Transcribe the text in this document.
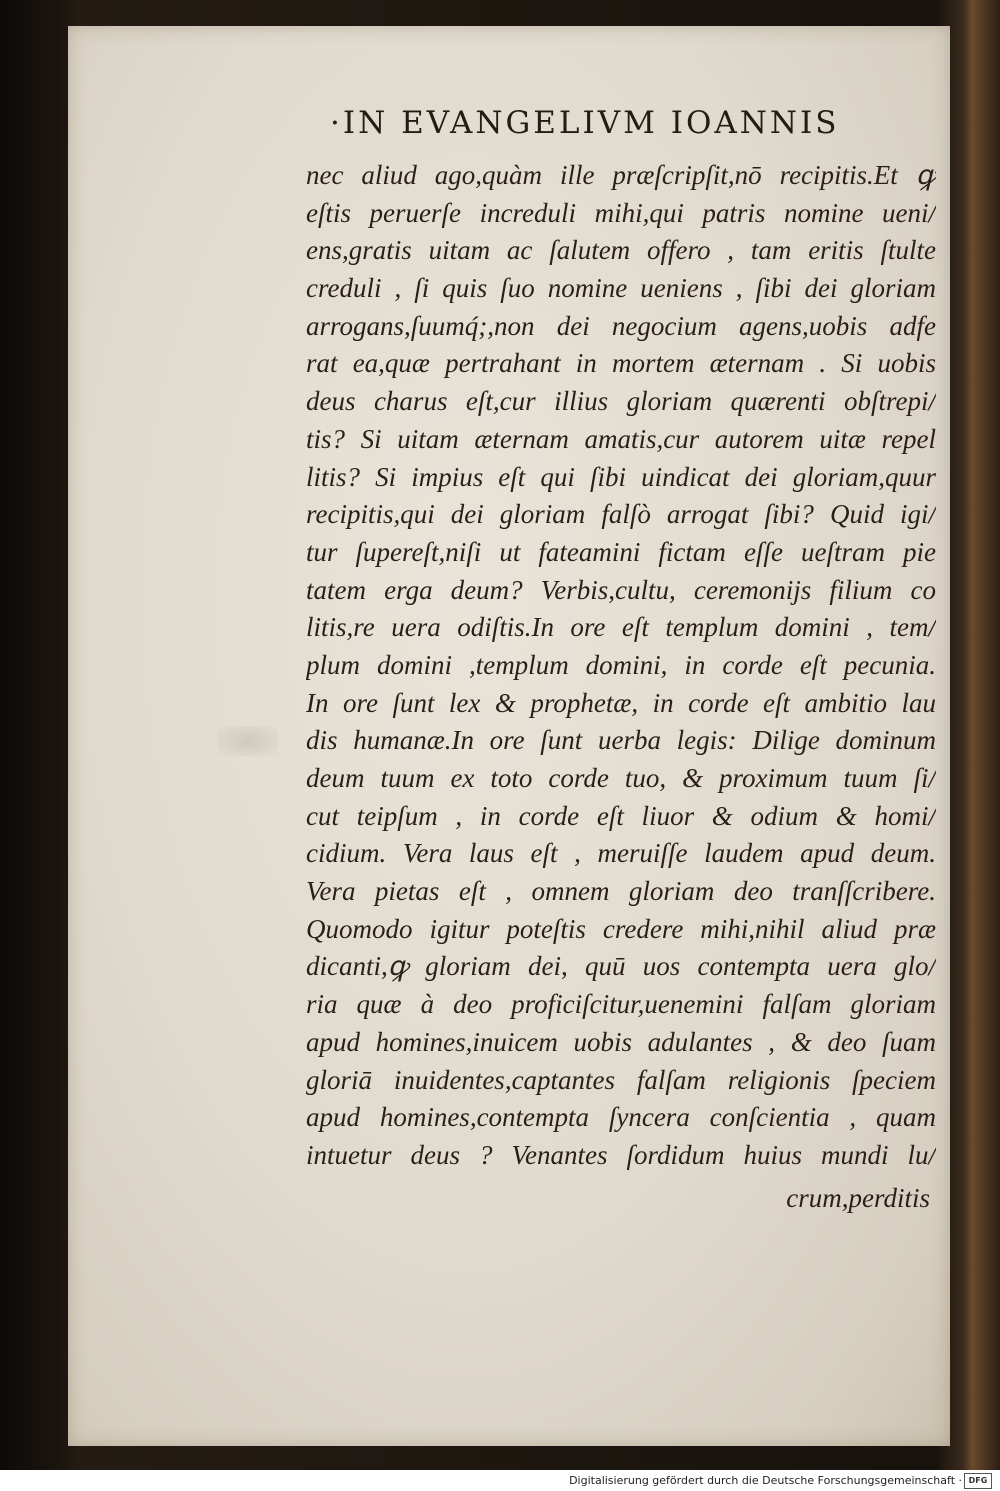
·IN EVANGELIVM IOANNIS
nec aliud ago,quàm ille præſcripſit,nō recipitis.Et ꝙ
eſtis peruerſe increduli mihi,qui patris nomine ueni/
ens,gratis uitam ac ſalutem offero , tam eritis ſtulte
creduli , ſi quis ſuo nomine ueniens , ſibi dei gloriam
arrogans,ſuumq́;,non dei negocium agens,uobis adfe
rat ea,quæ pertrahant in mortem æternam . Si uobis
deus charus eſt,cur illius gloriam quærenti obſtrepi/
tis? Si uitam æternam amatis,cur autorem uitæ repel
litis? Si impius eſt qui ſibi uindicat dei gloriam,quur
recipitis,qui dei gloriam falſò arrogat ſibi? Quid igi/
tur ſupereſt,niſi ut fateamini fictam eſſe ueſtram pie
tatem erga deum? Verbis,cultu, ceremonijs filium co
litis,re uera odiſtis.In ore eſt templum domini , tem/
plum domini ,templum domini, in corde eſt pecunia.
In ore ſunt lex & prophetæ, in corde eſt ambitio lau
dis humanæ.In ore ſunt uerba legis: Dilige dominum
deum tuum ex toto corde tuo, & proximum tuum ſi/
cut teipſum , in corde eſt liuor & odium & homi/
cidium. Vera laus eſt , meruiſſe laudem apud deum.
Vera pietas eſt , omnem gloriam deo tranſſcribere.
Quomodo igitur poteſtis credere mihi,nihil aliud præ
dicanti,ꝙ gloriam dei, quū uos contempta uera glo/
ria quæ à deo proficiſcitur,uenemini falſam gloriam
apud homines,inuicem uobis adulantes , & deo ſuam
gloriā inuidentes,captantes falſam religionis ſpeciem
apud homines,contempta ſyncera conſcientia , quam
intuetur deus ? Venantes ſordidum huius mundi lu/
crum,perditis
Digitalisierung gefördert durch die Deutsche Forschungsgemeinschaft · DFG
